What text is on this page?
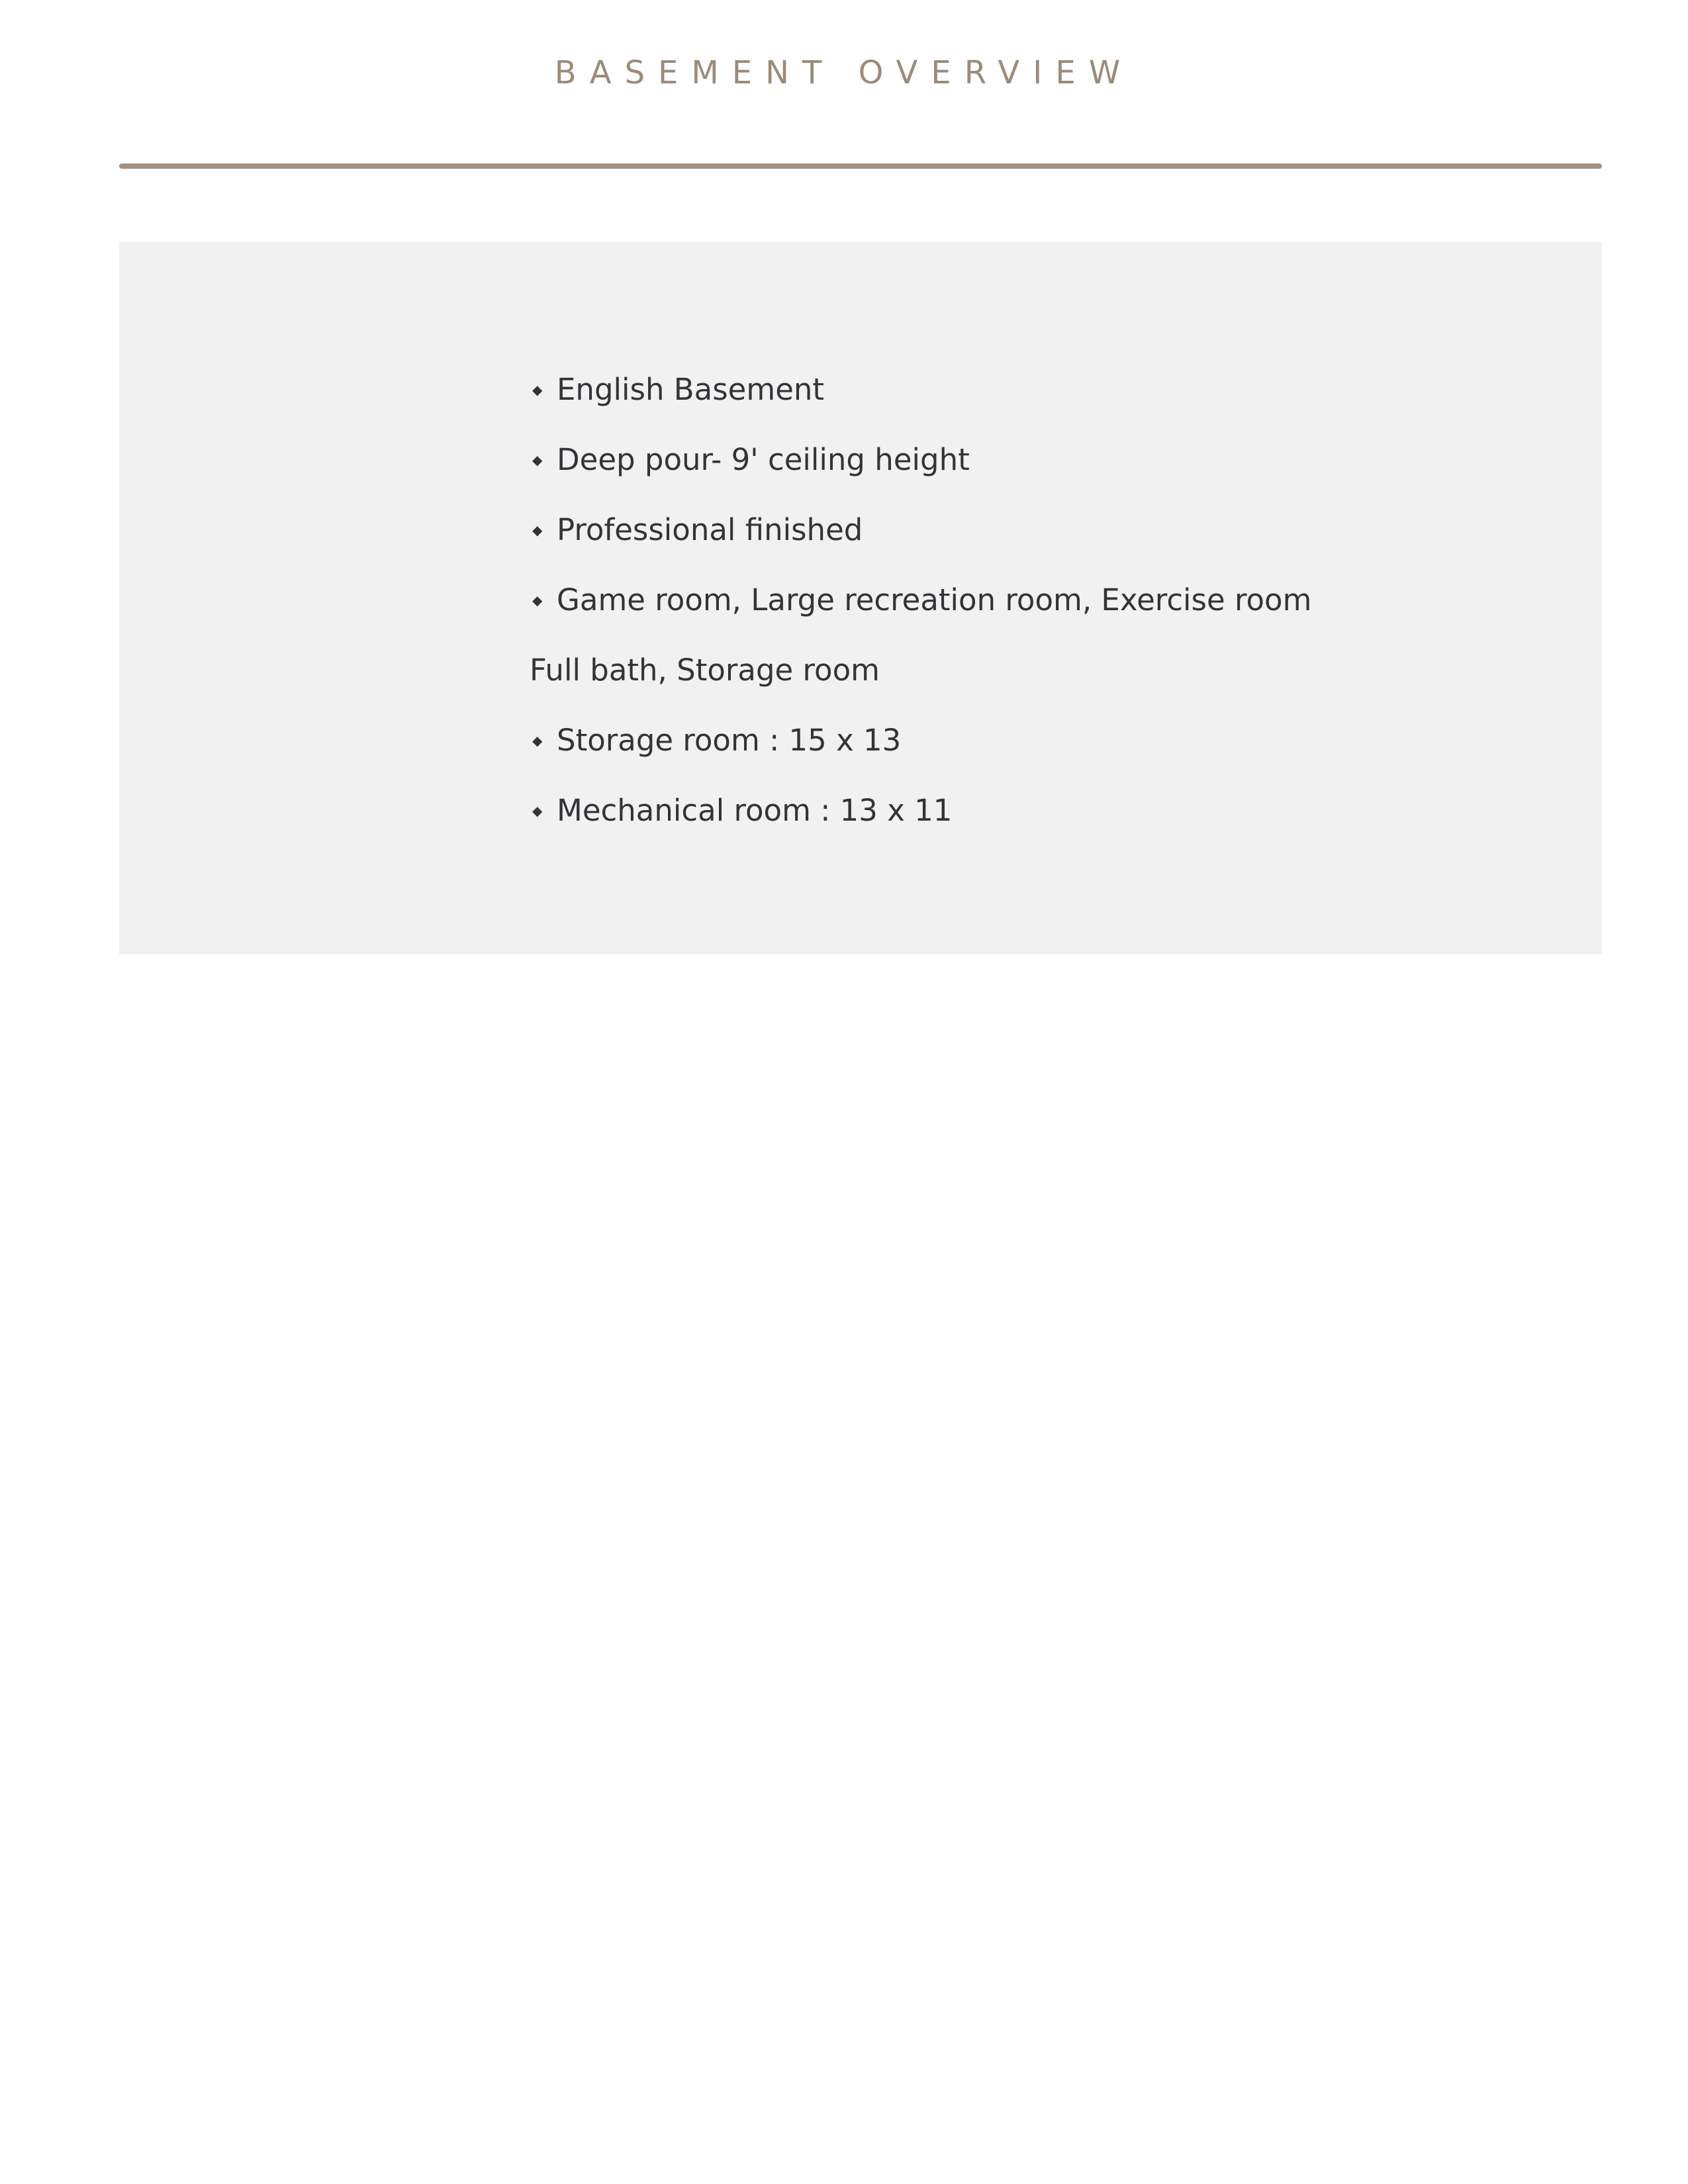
BASEMENT OVERVIEW
◆ English Basement
◆ Deep pour- 9' ceiling height
◆ Professional finished
◆ Game room, Large recreation room, Exercise room
Full bath, Storage room
◆ Storage room : 15 x 13
◆ Mechanical room : 13 x 11
